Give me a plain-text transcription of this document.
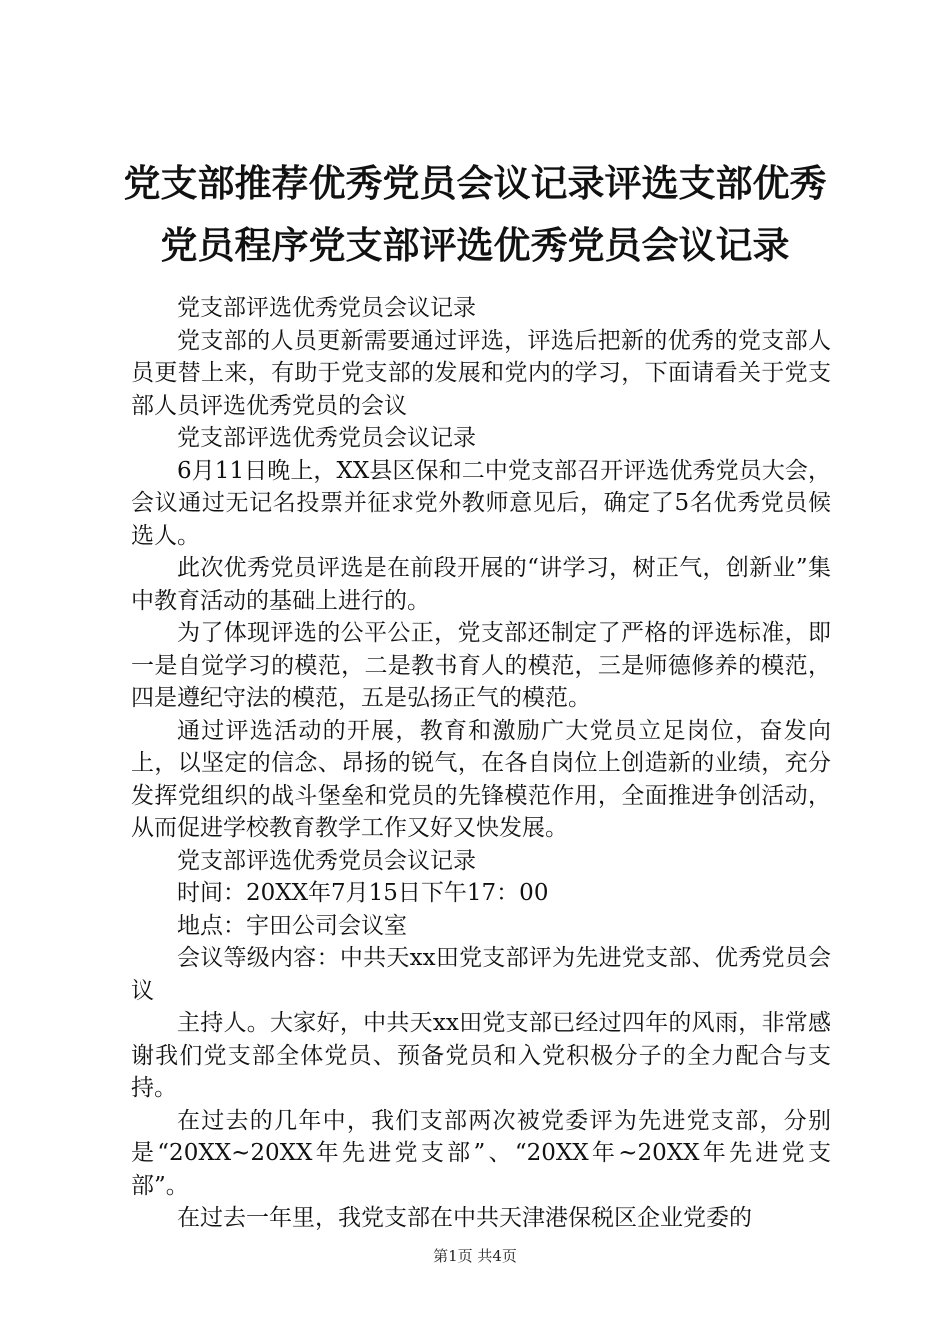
党支部推荐优秀党员会议记录评选支部优秀党员程序党支部评选优秀党员会议记录

党支部评选优秀党员会议记录

党支部的人员更新需要通过评选，评选后把新的优秀的党支部人员更替上来，有助于党支部的发展和党内的学习，下面请看关于党支部人员评选优秀党员的会议

党支部评选优秀党员会议记录

6月11日晚上，XX县区保和二中党支部召开评选优秀党员大会，会议通过无记名投票并征求党外教师意见后，确定了5名优秀党员候选人。

此次优秀党员评选是在前段开展的“讲学习，树正气，创新业”集中教育活动的基础上进行的。

为了体现评选的公平公正，党支部还制定了严格的评选标准，即一是自觉学习的模范，二是教书育人的模范，三是师德修养的模范，四是遵纪守法的模范，五是弘扬正气的模范。

通过评选活动的开展，教育和激励广大党员立足岗位，奋发向上，以坚定的信念、昂扬的锐气，在各自岗位上创造新的业绩，充分发挥党组织的战斗堡垒和党员的先锋模范作用，全面推进争创活动，从而促进学校教育教学工作又好又快发展。

党支部评选优秀党员会议记录

时间：20XX年7月15日下午17：00

地点：宇田公司会议室

会议等级内容：中共天xx田党支部评为先进党支部、优秀党员会议

主持人。大家好，中共天xx田党支部已经过四年的风雨，非常感谢我们党支部全体党员、预备党员和入党积极分子的全力配合与支持。

在过去的几年中，我们支部两次被党委评为先进党支部，分别是“20XX~20XX年先进党支部”、“20XX年~20XX年先进党支部”。

在过去一年里，我党支部在中共天津港保税区企业党委的

第1页 共4页
